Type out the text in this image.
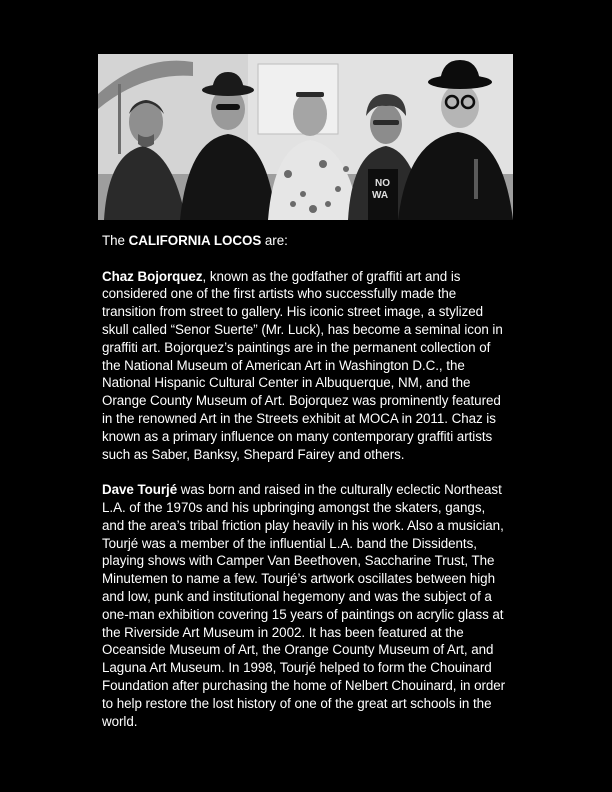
NO
WA

The CALIFORNIA LOCOS are:

Chaz Bojorquez, known as the godfather of graffiti art and is
considered one of the first artists who successfully made the
transition from street to gallery. His iconic street image, a stylized
skull called “Senor Suerte” (Mr. Luck), has become a seminal icon in
graffiti art. Bojorquez’s paintings are in the permanent collection of
the National Museum of American Art in Washington D.C., the
National Hispanic Cultural Center in Albuquerque, NM, and the
Orange County Museum of Art. Bojorquez was prominently featured
in the renowned Art in the Streets exhibit at MOCA in 2011. Chaz is
known as a primary influence on many contemporary graffiti artists
such as Saber, Banksy, Shepard Fairey and others.

Dave Tourjé was born and raised in the culturally eclectic Northeast
L.A. of the 1970s and his upbringing amongst the skaters, gangs,
and the area’s tribal friction play heavily in his work. Also a musician,
Tourjé was a member of the influential L.A. band the Dissidents,
playing shows with Camper Van Beethoven, Saccharine Trust, The
Minutemen to name a few. Tourjé’s artwork oscillates between high
and low, punk and institutional hegemony and was the subject of a
one-man exhibition covering 15 years of paintings on acrylic glass at
the Riverside Art Museum in 2002. It has been featured at the
Oceanside Museum of Art, the Orange County Museum of Art, and
Laguna Art Museum. In 1998, Tourjé helped to form the Chouinard
Foundation after purchasing the home of Nelbert Chouinard, in order
to help restore the lost history of one of the great art schools in the
world.
